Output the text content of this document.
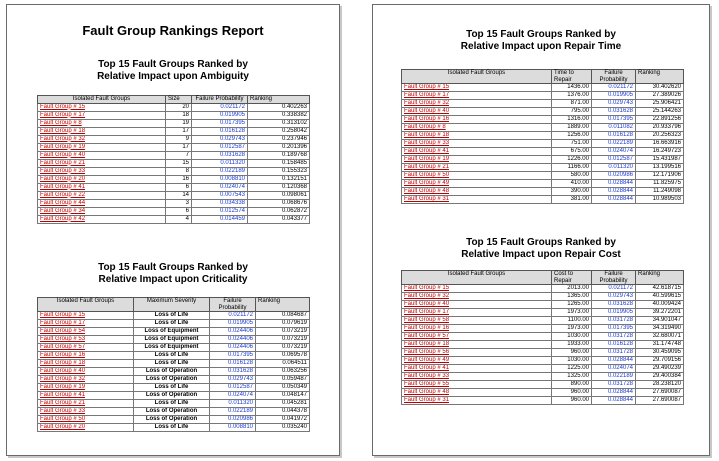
Fault Group Rankings Report
Top 15 Fault Groups Ranked by
Relative Impact upon Ambiguity
Isolated Fault Groups	Size	Failure Probability	Ranking
Fault Group # 15	20	0.021172	0.402263
Fault Group # 17	18	0.019905	0.338382
Fault Group # 8	19	0.017395	0.313102
Fault Group # 18	17	0.016128	0.258042
Fault Group # 32	9	0.029743	0.237946
Fault Group # 19	17	0.012587	0.201396
Fault Group # 40	7	0.031628	0.189768
Fault Group # 21	15	0.011320	0.158485
Fault Group # 33	8	0.022189	0.155323
Fault Group # 20	16	0.008810	0.132151
Fault Group # 41	6	0.024074	0.120368
Fault Group # 22	14	0.007543	0.098061
Fault Group # 44	3	0.034338	0.068676
Fault Group # 34	6	0.012574	0.062872
Fault Group # 42	4	0.014459	0.043377
Top 15 Fault Groups Ranked by
Relative Impact upon Criticality
Isolated Fault Groups	Maximum Severity	Failure Probability	Ranking
Fault Group # 15	Loss of Life	0.021172	0.084687
Fault Group # 17	Loss of Life	0.019905	0.079619
Fault Group # 54	Loss of Equipment	0.024406	0.073219
Fault Group # 53	Loss of Equipment	0.024406	0.073219
Fault Group # 57	Loss of Equipment	0.024406	0.073219
Fault Group # 16	Loss of Life	0.017395	0.069578
Fault Group # 18	Loss of Life	0.016128	0.064511
Fault Group # 40	Loss of Operation	0.031628	0.063256
Fault Group # 32	Loss of Operation	0.029743	0.059487
Fault Group # 19	Loss of Life	0.012587	0.050349
Fault Group # 41	Loss of Operation	0.024074	0.048147
Fault Group # 21	Loss of Life	0.011320	0.045281
Fault Group # 33	Loss of Operation	0.022189	0.044378
Fault Group # 50	Loss of Operation	0.020986	0.041972
Fault Group # 20	Loss of Life	0.008810	0.035240
Top 15 Fault Groups Ranked by
Relative Impact upon Repair Time
Isolated Fault Groups	Time to Repair	Failure Probability	Ranking
Fault Group # 15	1436.00	0.021172	30.402620
Fault Group # 17	1376.00	0.019905	27.389026
Fault Group # 32	871.00	0.029743	25.906421
Fault Group # 40	795.00	0.031628	25.144263
Fault Group # 16	1316.00	0.017395	22.891256
Fault Group # 8	1889.00	0.011082	20.933796
Fault Group # 18	1256.00	0.016128	20.256323
Fault Group # 33	751.00	0.022189	16.663916
Fault Group # 41	675.00	0.024074	16.249723
Fault Group # 19	1226.00	0.012587	15.431987
Fault Group # 21	1166.00	0.011320	13.199516
Fault Group # 50	580.00	0.020986	12.171906
Fault Group # 49	410.00	0.028844	11.825975
Fault Group # 48	390.00	0.028844	11.249098
Fault Group # 31	381.00	0.028844	10.989503
Top 15 Fault Groups Ranked by
Relative Impact upon Repair Cost
Isolated Fault Groups	Cost to Repair	Failure Probability	Ranking
Fault Group # 15	2013.00	0.021172	42.618715
Fault Group # 32	1365.00	0.029743	40.599615
Fault Group # 40	1265.00	0.031628	40.009424
Fault Group # 17	1973.00	0.019905	39.272201
Fault Group # 58	1100.00	0.031728	34.901047
Fault Group # 16	1973.00	0.017395	34.319490
Fault Group # 57	1030.00	0.031728	32.680071
Fault Group # 18	1933.00	0.016128	31.174748
Fault Group # 56	960.00	0.031728	30.459095
Fault Group # 49	1030.00	0.028844	29.709156
Fault Group # 41	1225.00	0.024074	29.490239
Fault Group # 33	1325.00	0.022189	29.400384
Fault Group # 55	890.00	0.031728	28.238120
Fault Group # 48	960.00	0.028844	27.690087
Fault Group # 31	960.00	0.028844	27.690087
